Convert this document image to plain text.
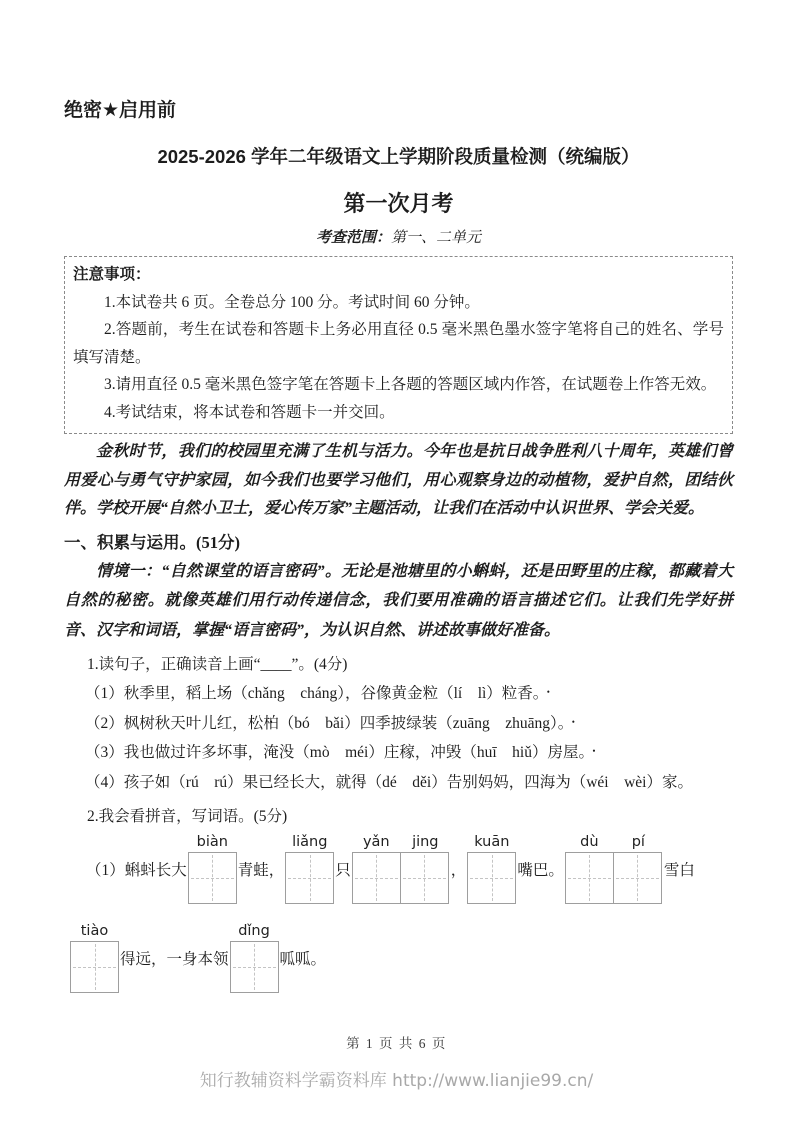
绝密★启用前
2025-2026 学年二年级语文上学期阶段质量检测（统编版）
第一次月考
考查范围：第一、二单元

注意事项：

1.本试卷共 6 页。全卷总分 100 分。考试时间 60 分钟。

2.答题前，考生在试卷和答题卡上务必用直径 0.5 毫米黑色墨水签字笔将自己的姓名、学号填写清楚。

3.请用直径 0.5 毫米黑色签字笔在答题卡上各题的答题区域内作答，在试题卷上作答无效。

4.考试结束，将本试卷和答题卡一并交回。

金秋时节，我们的校园里充满了生机与活力。今年也是抗日战争胜利八十周年，英雄们曾用爱心与勇气守护家园，如今我们也要学习他们，用心观察身边的动植物，爱护自然，团结伙伴。学校开展“自然小卫士，爱心传万家”主题活动，让我们在活动中认识世界、学会关爱。

一、积累与运用。(51分)

情境一：“自然课堂的语言密码”。无论是池塘里的小蝌蚪，还是田野里的庄稼，都藏着大自然的秘密。就像英雄们用行动传递信念，我们要用准确的语言描述它们。让我们先学好拼音、汉字和词语，掌握“语言密码”，为认识自然、讲述故事做好准备。

1.读句子，正确读音上画“____”。(4分)

（1）秋季里，稻上场 •（chǎng　cháng），谷像黄金粒 •（lí　lì）粒香。

（2）枫树秋天叶儿红，松柏 •（bó　bǎi）四季披绿装 •（zuāng　zhuāng）。

（3）我也做过许多坏事，淹没 •（mò　méi）庄稼，冲毁 •（huī　hiǔ）房屋。

（4）孩子如 •（rú　rú）果已经长大，就得 •（dé　děi）告别妈妈，四海为 •（wéi　wèi）家。

2.我会看拼音，写词语。(5分)

（1）蝌蚪长大
biàn
青蛙，
liǎng
只
yǎn	jing
，
kuān
嘴巴。
dù	pí
雪白
tiào
得远，一身本领
dǐng
呱呱。
第 1 页 共 6 页
知行教辅资料学霸资料库 http://www.lianjie99.cn/
